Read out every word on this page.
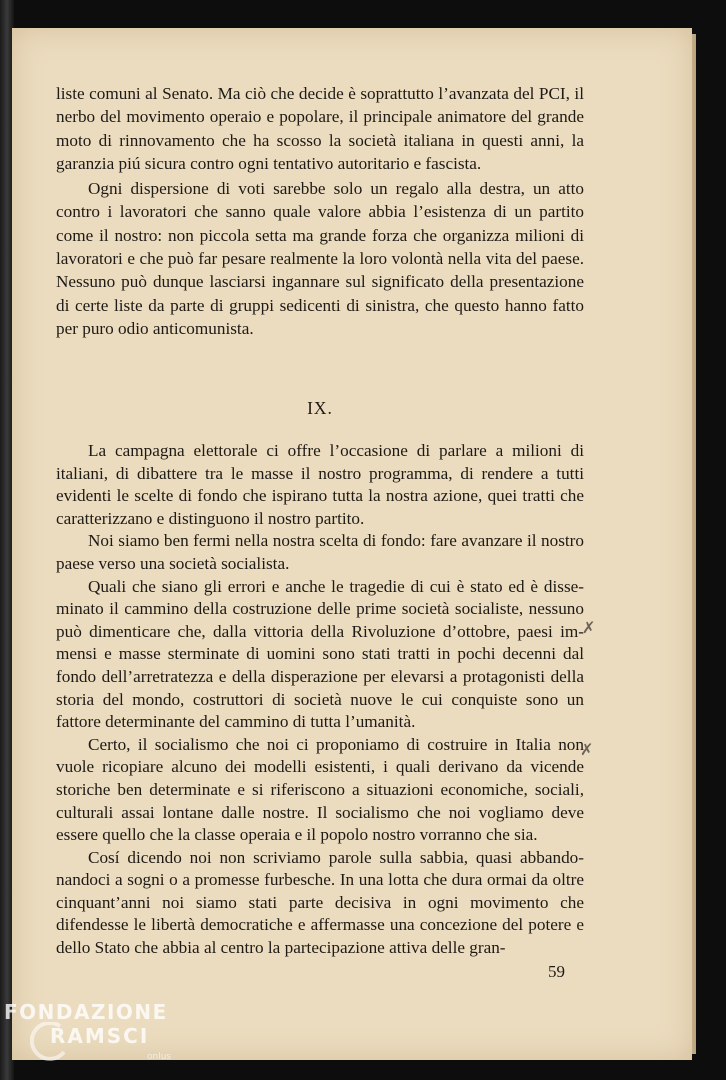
liste comuni al Senato. Ma ciò che decide è soprattutto l’avanzata del PCI, il nerbo del movimento operaio e popolare, il principale animatore del grande moto di rinnovamento che ha scosso la società italiana in questi anni, la garanzia piú sicura contro ogni tentativo autoritario e fascista.

Ogni dispersione di voti sarebbe solo un regalo alla destra, un atto contro i lavoratori che sanno quale valore abbia l’esistenza di un partito come il nostro: non piccola setta ma grande forza che organizza milioni di lavoratori e che può far pesare realmente la loro volontà nella vita del paese. Nessuno può dunque lasciarsi ingannare sul significato della presentazione di certe liste da parte di gruppi sedicenti di sinistra, che questo hanno fatto per puro odio anticomunista.

IX.

La campagna elettorale ci offre l’occasione di parlare a milioni di italiani, di dibattere tra le masse il nostro programma, di rendere a tutti evidenti le scelte di fondo che ispirano tutta la nostra azione, quei tratti che caratterizzano e distinguono il nostro partito.

Noi siamo ben fermi nella nostra scelta di fondo: fare avanzare il nostro paese verso una società socialista.

Quali che siano gli errori e anche le tragedie di cui è stato ed è disseminato il cammino della costruzione delle prime società socialiste, nessuno può dimenticare che, dalla vittoria della Rivoluzione d’ottobre, paesi immensi e masse sterminate di uomini sono stati tratti in pochi decenni dal fondo dell’arretratezza e della disperazione per elevarsi a protagonisti della storia del mondo, costruttori di società nuove le cui conquiste sono un fattore determinante del cammino di tutta l’umanità.

Certo, il socialismo che noi ci proponiamo di costruire in Italia non vuole ricopiare alcuno dei modelli esistenti, i quali derivano da vicende storiche ben determinate e si riferiscono a situazioni economiche, sociali, culturali assai lontane dalle nostre. Il socialismo che noi vogliamo deve essere quello che la classe operaia e il popolo nostro vorranno che sia.

Cosí dicendo noi non scriviamo parole sulla sabbia, quasi abbandonandoci a sogni o a promesse furbesche. In una lotta che dura ormai da oltre cinquant’anni noi siamo stati parte decisiva in ogni movimento che difendesse le libertà democratiche e affermasse una concezione del potere e dello Stato che abbia al centro la partecipazione attiva delle gran-

✗
✗
59
FONDAZIONE
RAMSCI
onlus
